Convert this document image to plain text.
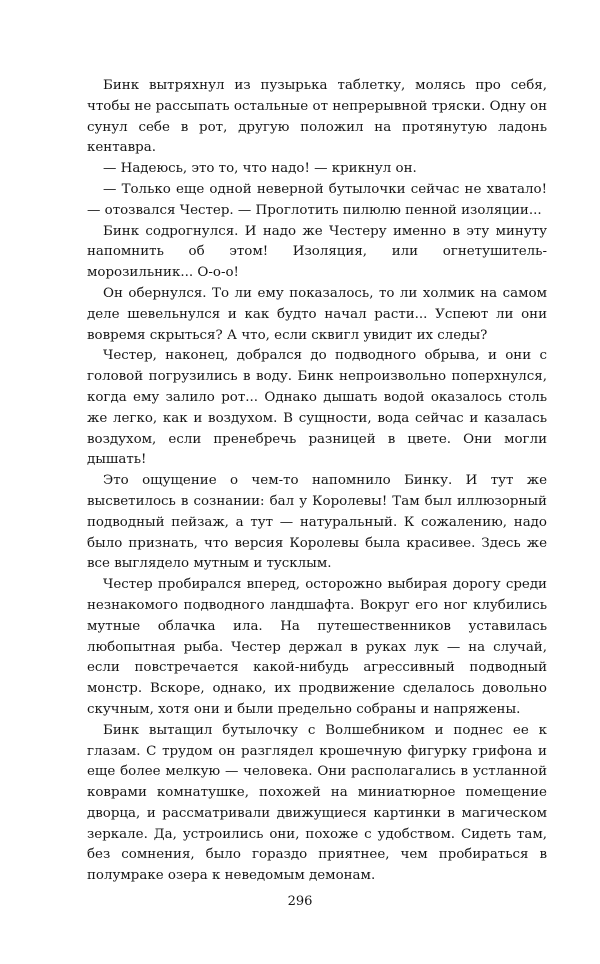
Бинк вытряхнул из пузырька таблетку, молясь про себя, чтобы не рассыпать остальные от непрерывной тряски. Одну он сунул себе в рот, другую положил на протянутую ладонь кентавра.

— Надеюсь, это то, что надо! — крикнул он.

— Только еще одной неверной бутылочки сейчас не хватало! — отозвался Честер. — Проглотить пилюлю пенной изоляции...

Бинк содрогнулся. И надо же Честеру именно в эту минуту напомнить об этом! Изоляция, или огнетушитель-морозильник... О-о-о!

Он обернулся. То ли ему показалось, то ли холмик на самом деле шевельнулся и как будто начал расти... Успеют ли они вовремя скрыться? А что, если сквигл увидит их следы?

Честер, наконец, добрался до подводного обрыва, и они с головой погрузились в воду. Бинк непроизвольно поперхнулся, когда ему залило рот... Однако дышать водой оказалось столь же легко, как и воздухом. В сущности, вода сейчас и казалась воздухом, если пренебречь разницей в цвете. Они могли дышать!

Это ощущение о чем-то напомнило Бинку. И тут же высветилось в сознании: бал у Королевы! Там был иллюзорный подводный пейзаж, а тут — натуральный. К сожалению, надо было признать, что версия Королевы была красивее. Здесь же все выглядело мутным и тусклым.

Честер пробирался вперед, осторожно выбирая дорогу среди незнакомого подводного ландшафта. Вокруг его ног клубились мутные облачка ила. На путешественников уставилась любопытная рыба. Честер держал в руках лук — на случай, если повстречается какой-нибудь агрессивный подводный монстр. Вскоре, однако, их продвижение сделалось довольно скучным, хотя они и были предельно собраны и напряжены.

Бинк вытащил бутылочку с Волшебником и поднес ее к глазам. С трудом он разглядел крошечную фигурку грифона и еще более мелкую — человека. Они располагались в устланной коврами комнатушке, похожей на миниатюрное помещение дворца, и рассматривали движущиеся картинки в магическом зеркале. Да, устроились они, похоже с удобством. Сидеть там, без сомнения, было гораздо приятнее, чем пробираться в полумраке озера к неведомым демонам.

296
